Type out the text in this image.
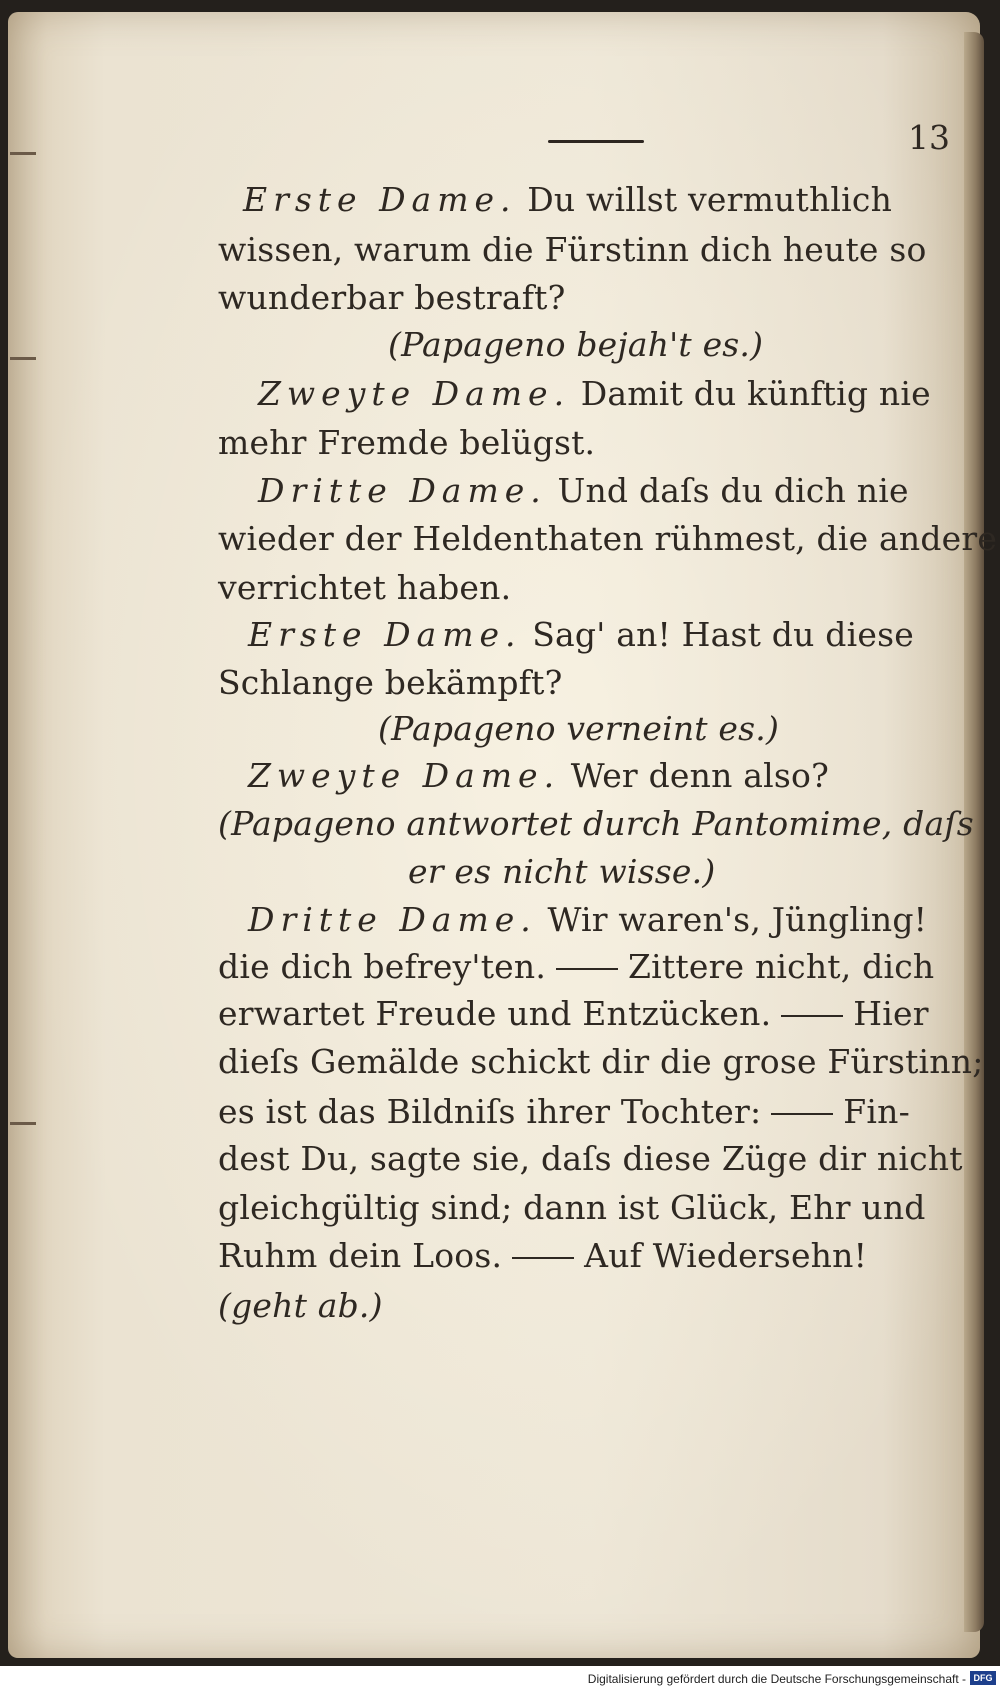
13
Erste Dame. Du willst vermuthlich
wissen, warum die Fürstinn dich heute so
wunderbar bestraft?
(Papageno bejah't es.)
Zweyte Dame. Damit du künftig nie
mehr Fremde belügst.
Dritte Dame. Und daſs du dich nie
wieder der Heldenthaten rühmest, die andere
verrichtet haben.
Erste Dame. Sag' an! Hast du diese
Schlange bekämpft?
(Papageno verneint es.)
Zweyte Dame. Wer denn also?
(Papageno antwortet durch Pantomime, daſs
er es nicht wisse.)
Dritte Dame. Wir waren's, Jüngling!
die dich befrey'ten. Zittere nicht, dich
erwartet Freude und Entzücken. Hier
dieſs Gemälde schickt dir die grose Fürstinn;
es ist das Bildniſs ihrer Tochter: Fin-
dest Du, sagte sie, daſs diese Züge dir nicht
gleichgültig sind; dann ist Glück, Ehr und
Ruhm dein Loos. Auf Wiedersehn!
(geht ab.)
Digitalisierung gefördert durch die Deutsche Forschungsgemeinschaft - DFG
